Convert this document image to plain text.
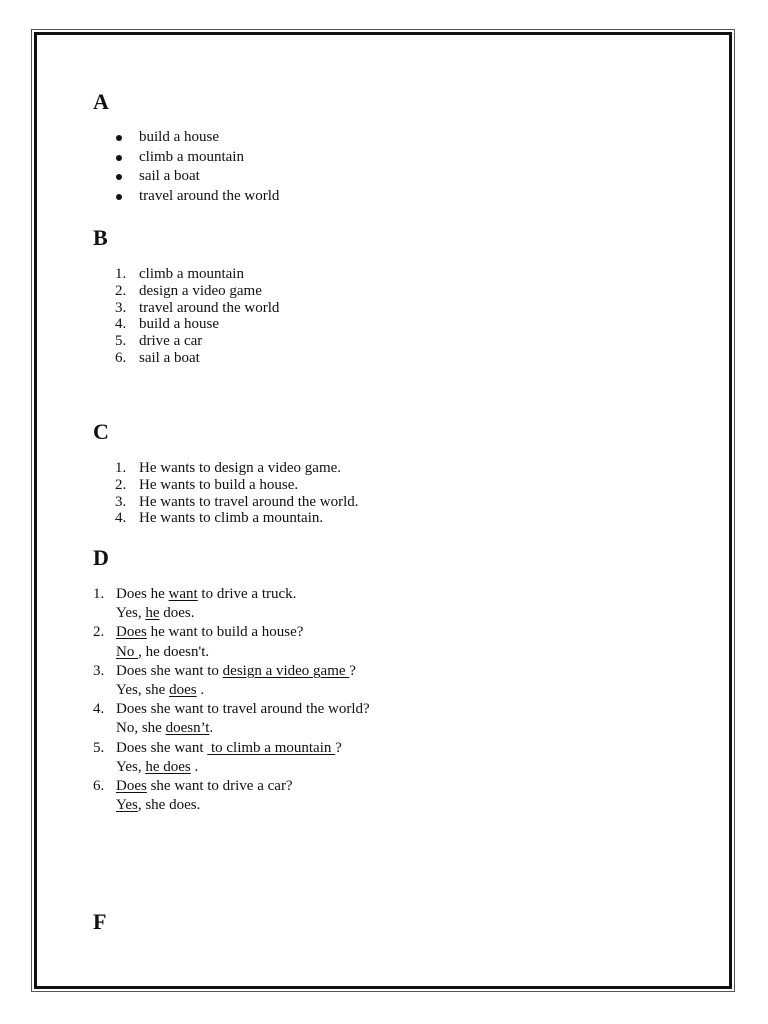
A
build a house
climb a mountain
sail a boat
travel around the world
B
1. climb a mountain
2. design a video game
3. travel around the world
4. build a house
5. drive a car
6. sail a boat
C
1. He wants to design a video game.
2. He wants to build a house.
3. He wants to travel around the world.
4. He wants to climb a mountain.
D
1. Does he want to drive a truck.
Yes, he does.
2. Does he want to build a house?
No , he doesn't.
3. Does she want to design a video game ?
Yes, she does .
4. Does she want to travel around the world?
No, she doesn’t.
5. Does she want  to climb a mountain ?
Yes, he does .
6. Does she want to drive a car?
Yes, she does.
F
